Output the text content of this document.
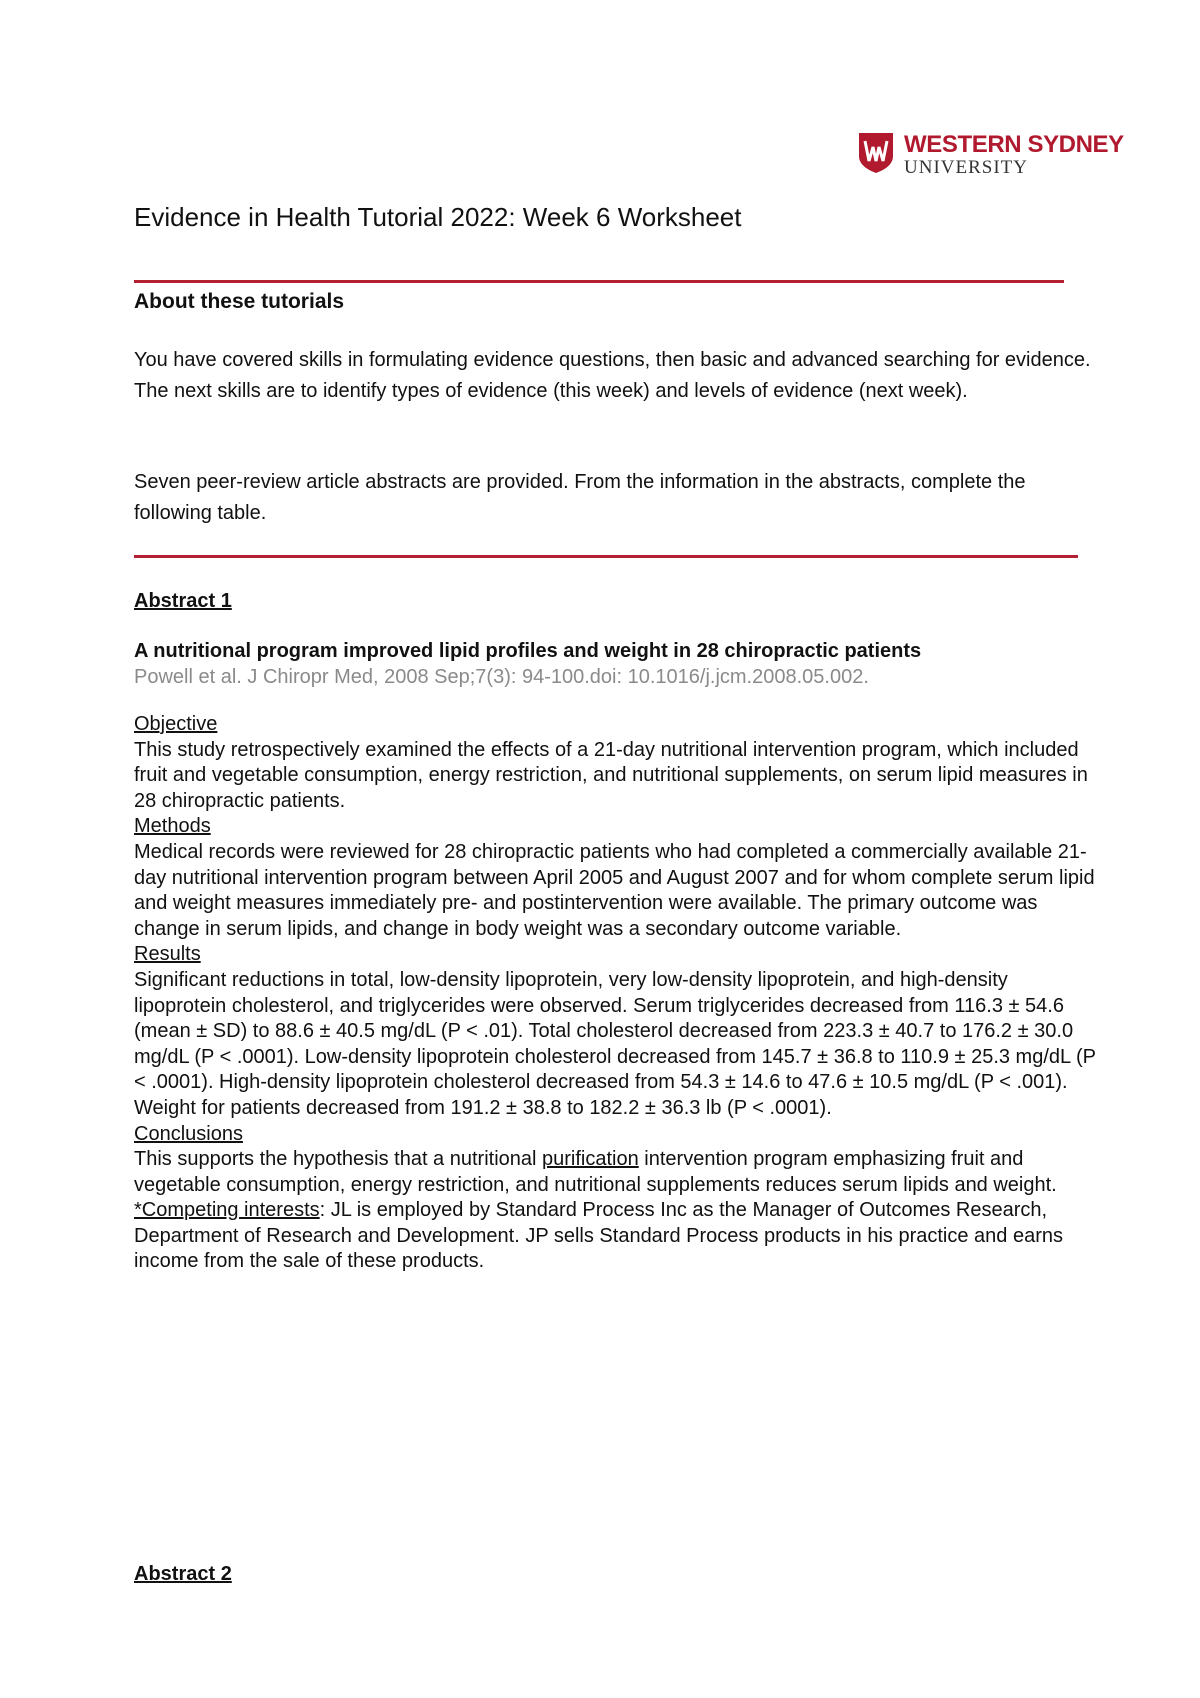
WESTERN SYDNEY
UNIVERSITY
Evidence in Health Tutorial 2022: Week 6 Worksheet
About these tutorials
You have covered skills in formulating evidence questions, then basic and advanced searching for evidence. The next skills are to identify types of evidence (this week) and levels of evidence (next week).
Seven peer-review article abstracts are provided. From the information in the abstracts, complete the following table.
Abstract 1
A nutritional program improved lipid profiles and weight in 28 chiropractic patients
Powell et al. J Chiropr Med, 2008 Sep;7(3): 94-100.doi: 10.1016/j.jcm.2008.05.002.
Objective

This study retrospectively examined the effects of a 21-day nutritional intervention program, which included fruit and vegetable consumption, energy restriction, and nutritional supplements, on serum lipid measures in 28 chiropractic patients.

Methods

Medical records were reviewed for 28 chiropractic patients who had completed a commercially available 21-day nutritional intervention program between April 2005 and August 2007 and for whom complete serum lipid and weight measures immediately pre- and postintervention were available. The primary outcome was change in serum lipids, and change in body weight was a secondary outcome variable.

Results

Significant reductions in total, low-density lipoprotein, very low-density lipoprotein, and high-density lipoprotein cholesterol, and triglycerides were observed. Serum triglycerides decreased from 116.3 ± 54.6 (mean ± SD) to 88.6 ± 40.5 mg/dL (P < .01). Total cholesterol decreased from 223.3 ± 40.7 to 176.2 ± 30.0 mg/dL (P < .0001). Low-density lipoprotein cholesterol decreased from 145.7 ± 36.8 to 110.9 ± 25.3 mg/dL (P < .0001). High-density lipoprotein cholesterol decreased from 54.3 ± 14.6 to 47.6 ± 10.5 mg/dL (P < .001). Weight for patients decreased from 191.2 ± 38.8 to 182.2 ± 36.3 lb (P < .0001).

Conclusions

This supports the hypothesis that a nutritional purification intervention program emphasizing fruit and vegetable consumption, energy restriction, and nutritional supplements reduces serum lipids and weight.

*Competing interests: JL is employed by Standard Process Inc as the Manager of Outcomes Research, Department of Research and Development. JP sells Standard Process products in his practice and earns income from the sale of these products.

Abstract 2
